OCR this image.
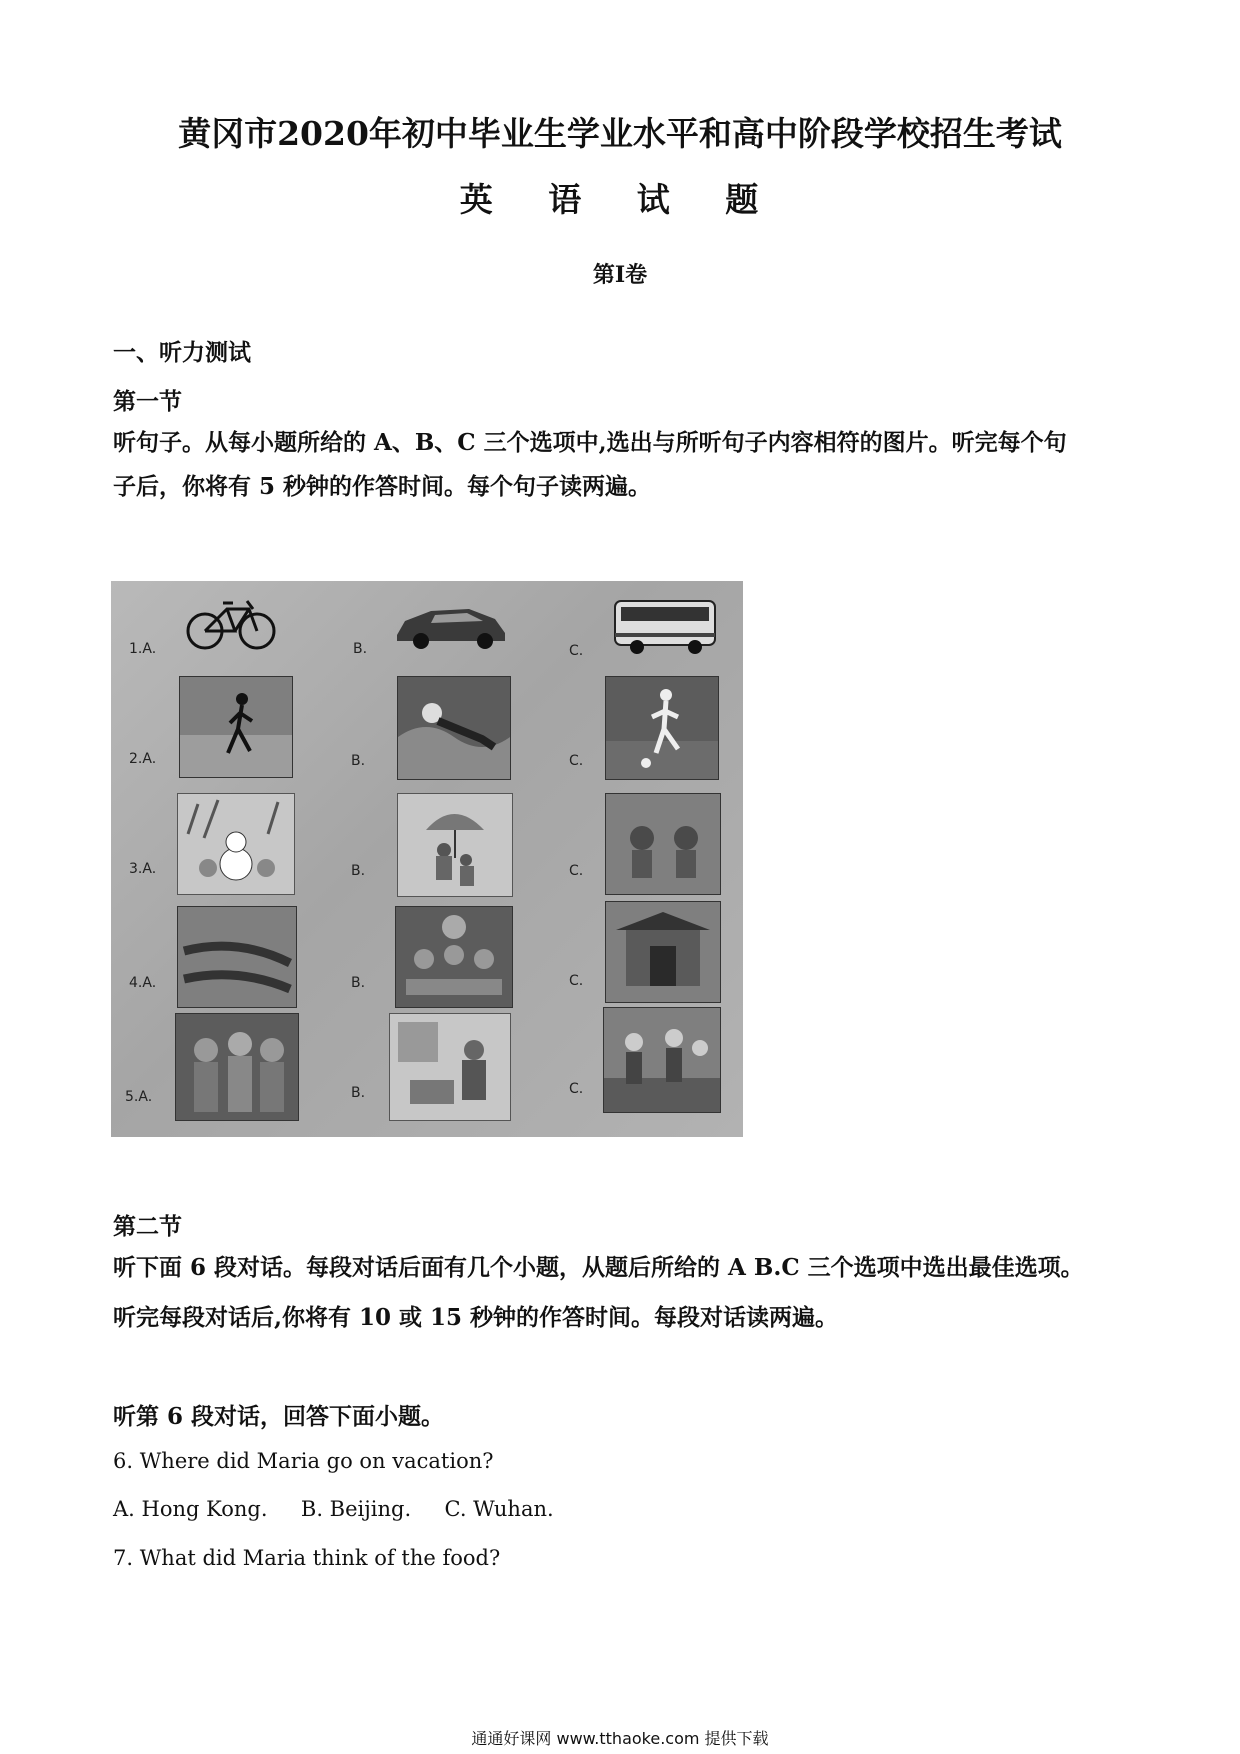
黄冈市2020年初中毕业生学业水平和高中阶段学校招生考试
英 语 试 题
第I卷
一、听力测试
第一节
听句子。从每小题所给的 A、B、C 三个选项中,选出与所听句子内容相符的图片。听完每个句
子后，你将有 5 秒钟的作答时间。每个句子读两遍。
1.A.	B.	C.
2.A.	B.	C.
3.A.	B.	C.
4.A.	B.	C.
5.A.	B.	C.
第二节
听下面 6 段对话。每段对话后面有几个小题，从题后所给的 A B.C 三个选项中选出最佳选项。
听完每段对话后,你将有 10 或 15 秒钟的作答时间。每段对话读两遍。
听第 6 段对话，回答下面小题。
6. Where did Maria go on vacation?
A. Hong Kong.     B. Beijing.     C. Wuhan.
7. What did Maria think of the food?
通通好课网 www.tthaoke.com 提供下载
